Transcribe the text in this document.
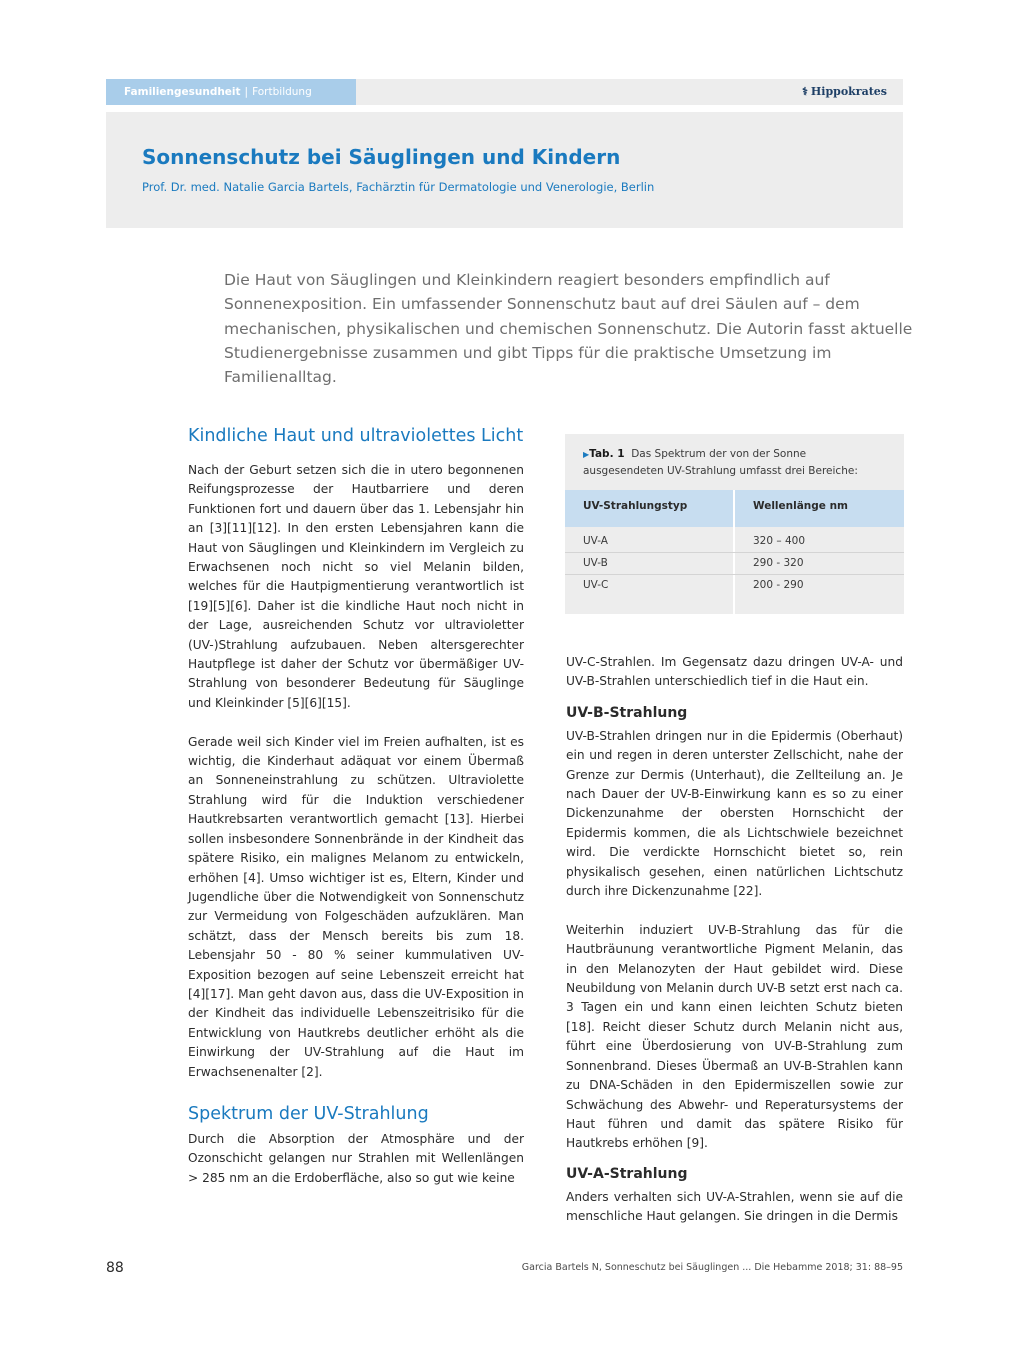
Familiengesundheit | Fortbildung	⚕ Hippokrates
Sonnenschutz bei Säuglingen und Kindern
Prof. Dr. med. Natalie Garcia Bartels, Fachärztin für Dermatologie und Venerologie, Berlin
Die Haut von Säuglingen und Kleinkindern reagiert besonders empfindlich auf Sonnenexposition. Ein umfassender Sonnenschutz baut auf drei Säulen auf – dem mechanischen, physikalischen und chemischen Sonnenschutz. Die Autorin fasst aktuelle Studienergebnisse zusammen und gibt Tipps für die praktische Umsetzung im Familienalltag.
Kindliche Haut und ultraviolettes Licht

Nach der Geburt setzen sich die in utero begonnenen Reifungsprozesse der Hautbarriere und deren Funktionen fort und dauern über das 1. Lebensjahr hin an [3][11][12]. In den ersten Lebensjahren kann die Haut von Säuglingen und Kleinkindern im Vergleich zu Erwachsenen noch nicht so viel Melanin bilden, welches für die Hautpigmentierung verantwortlich ist [19][5][6]. Daher ist die kindliche Haut noch nicht in der Lage, ausreichenden Schutz vor ultravioletter (UV-)Strahlung aufzubauen. Neben altersgerechter Hautpflege ist daher der Schutz vor übermäßiger UV-Strahlung von besonderer Bedeutung für Säuglinge und Kleinkinder [5][6][15].

Gerade weil sich Kinder viel im Freien aufhalten, ist es wichtig, die Kinderhaut adäquat vor einem Übermaß an Sonneneinstrahlung zu schützen. Ultraviolette Strahlung wird für die Induktion verschiedener Hautkrebsarten verantwortlich gemacht [13]. Hierbei sollen insbesondere Sonnenbrände in der Kindheit das spätere Risiko, ein malignes Melanom zu entwickeln, erhöhen [4]. Umso wichtiger ist es, Eltern, Kinder und Jugendliche über die Notwendigkeit von Sonnenschutz zur Vermeidung von Folgeschäden aufzuklären. Man schätzt, dass der Mensch bereits bis zum 18. Lebensjahr 50 - 80 % seiner kummulativen UV-Exposition bezogen auf seine Lebenszeit erreicht hat [4][17]. Man geht davon aus, dass die UV-Exposition in der Kindheit das individuelle Lebenszeitrisiko für die Entwicklung von Hautkrebs deutlicher erhöht als die Einwirkung der UV-Strahlung auf die Haut im Erwachsenenalter [2].

Spektrum der UV-Strahlung

Durch die Absorption der Atmosphäre und der Ozonschicht gelangen nur Strahlen mit Wellenlängen > 285 nm an die Erdoberfläche, also so gut wie keine

▶Tab. 1 Das Spektrum der von der Sonne ausgesendeten UV-Strahlung umfasst drei Bereiche:
UV-Strahlungstyp	Wellenlänge nm
UV-A	320 – 400
UV-B	290 - 320
UV-C	200 - 290

UV-C-Strahlen. Im Gegensatz dazu dringen UV-A- und UV-B-Strahlen unterschiedlich tief in die Haut ein.

UV-B-Strahlung

UV-B-Strahlen dringen nur in die Epidermis (Oberhaut) ein und regen in deren unterster Zellschicht, nahe der Grenze zur Dermis (Unterhaut), die Zellteilung an. Je nach Dauer der UV-B-Einwirkung kann es so zu einer Dickenzunahme der obersten Hornschicht der Epidermis kommen, die als Lichtschwiele bezeichnet wird. Die verdickte Hornschicht bietet so, rein physikalisch gesehen, einen natürlichen Lichtschutz durch ihre Dickenzunahme [22].

Weiterhin induziert UV-B-Strahlung das für die Hautbräunung verantwortliche Pigment Melanin, das in den Melanozyten der Haut gebildet wird. Diese Neubildung von Melanin durch UV-B setzt erst nach ca. 3 Tagen ein und kann einen leichten Schutz bieten [18]. Reicht dieser Schutz durch Melanin nicht aus, führt eine Überdosierung von UV-B-Strahlung zum Sonnenbrand. Dieses Übermaß an UV-B-Strahlen kann zu DNA-Schäden in den Epidermiszellen sowie zur Schwächung des Abwehr- und Reperatursystems der Haut führen und damit das spätere Risiko für Hautkrebs erhöhen [9].

UV-A-Strahlung

Anders verhalten sich UV-A-Strahlen, wenn sie auf die menschliche Haut gelangen. Sie dringen in die Dermis

88	Garcia Bartels N, Sonneschutz bei Säuglingen ... Die Hebamme 2018; 31: 88–95
